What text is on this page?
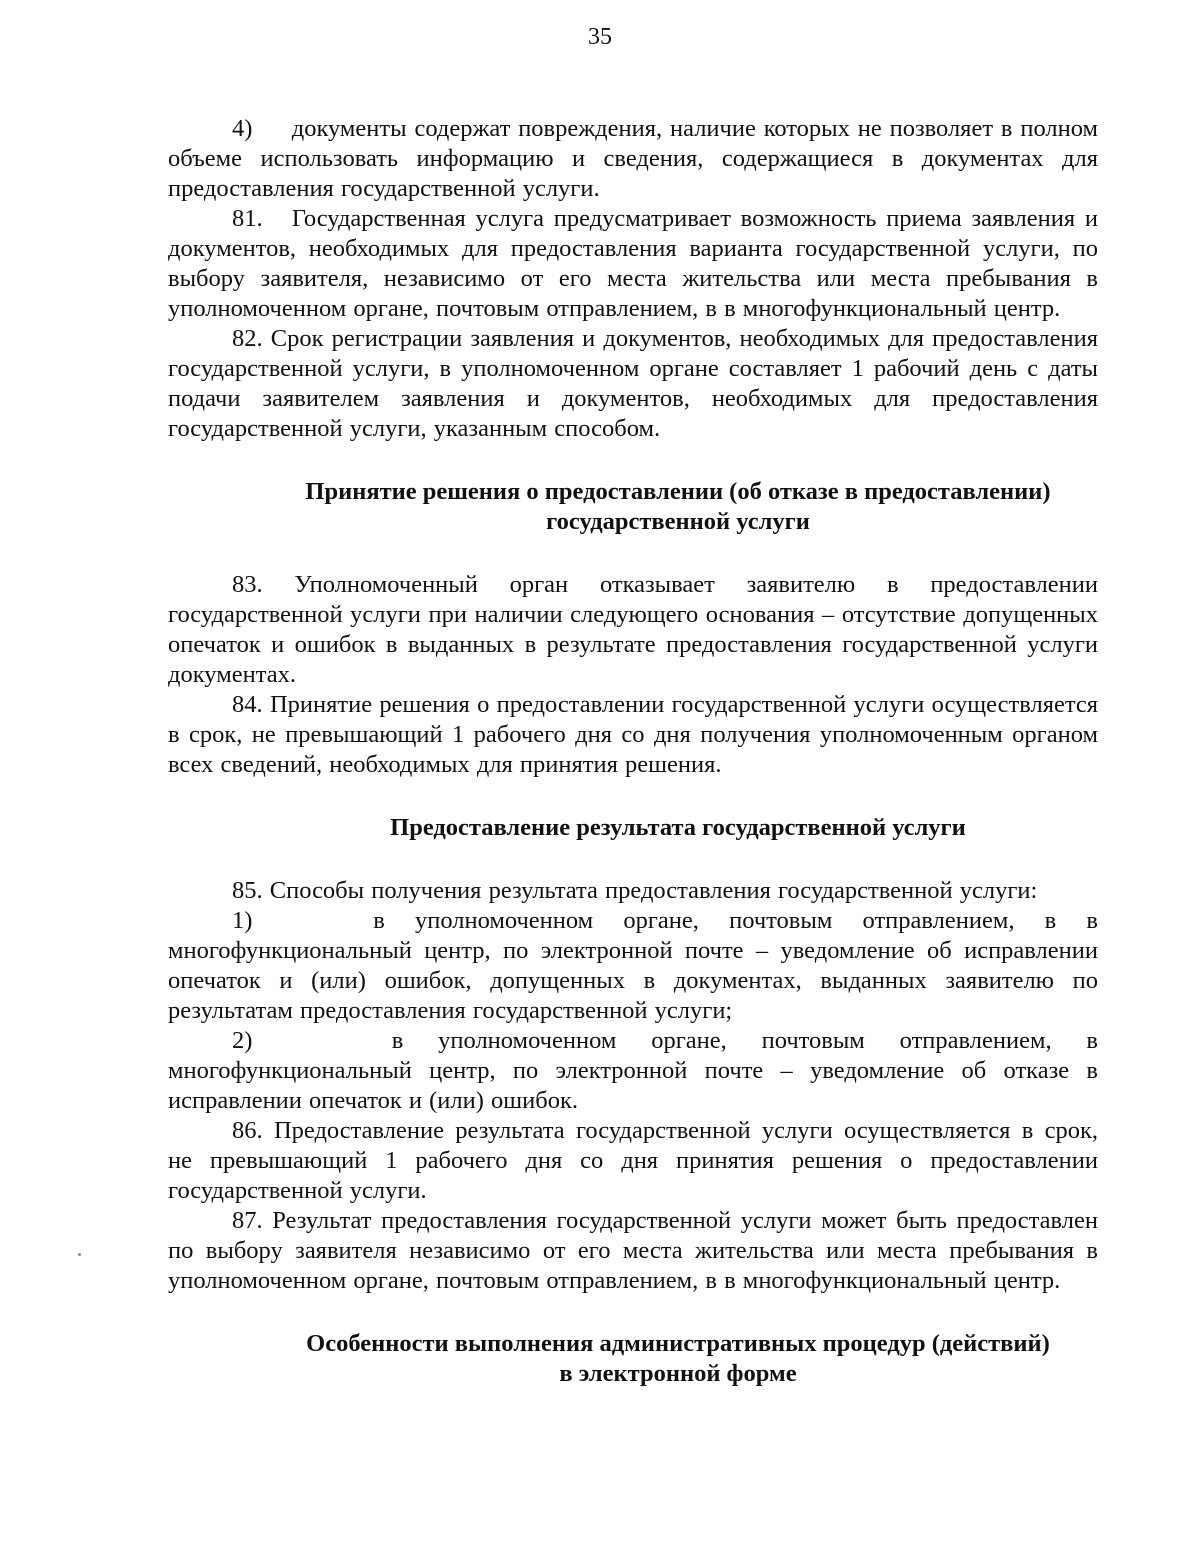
35

4)     документы содержат повреждения, наличие которых не позволяет в полном объеме использовать информацию и сведения, содержащиеся в документах для предоставления государственной услуги.

81.   Государственная услуга предусматривает возможность приема заявления и документов, необходимых для предоставления варианта государственной услуги, по выбору заявителя, независимо от его места жительства или места пребывания в уполномоченном органе, почтовым отправлением, в в многофункциональный центр.

82. Срок регистрации заявления и документов, необходимых для предоставления государственной услуги, в уполномоченном органе составляет 1 рабочий день с даты подачи заявителем заявления и документов, необходимых для предоставления государственной услуги, указанным способом.

Принятие решения о предоставлении (об отказе в предоставлении)
государственной услуги

83. Уполномоченный орган отказывает заявителю в предоставлении государственной услуги при наличии следующего основания – отсутствие допущенных опечаток и ошибок в выданных в результате предоставления государственной услуги документах.

84. Принятие решения о предоставлении государственной услуги осуществляется в срок, не превышающий 1 рабочего дня со дня получения уполномоченным органом всех сведений, необходимых для принятия решения.

Предоставление результата государственной услуги

85. Способы получения результата предоставления государственной услуги:

1)    в уполномоченном органе, почтовым отправлением, в в многофункциональный центр, по электронной почте – уведомление об исправлении опечаток и (или) ошибок, допущенных в документах, выданных заявителю по результатам предоставления государственной услуги;

2)    в уполномоченном органе, почтовым отправлением, в многофункциональный центр, по электронной почте – уведомление об отказе в исправлении опечаток и (или) ошибок.

86. Предоставление результата государственной услуги осуществляется в срок, не превышающий 1 рабочего дня со дня принятия решения о предоставлении государственной услуги.

87. Результат предоставления государственной услуги может быть предоставлен по выбору заявителя независимо от его места жительства или места пребывания в уполномоченном органе, почтовым отправлением, в в многофункциональный центр.

Особенности выполнения административных процедур (действий)
в электронной форме
